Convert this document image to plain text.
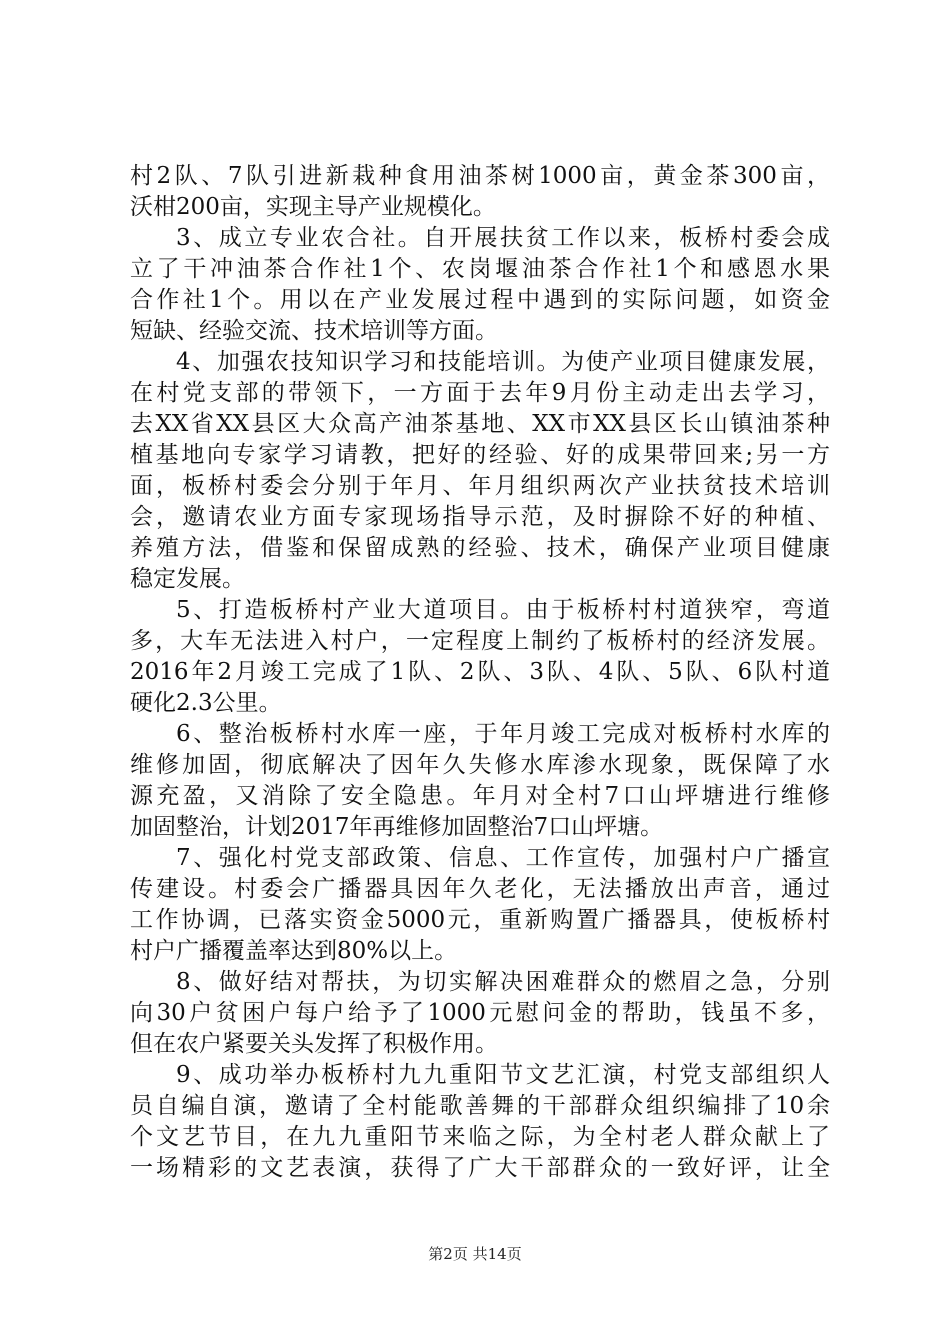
村2队、7队引进新栽种食用油茶树1000亩，黄金茶300亩，
沃柑200亩，实现主导产业规模化。
3、成立专业农合社。自开展扶贫工作以来，板桥村委会成
立了干冲油茶合作社1个、农岗堰油茶合作社1个和感恩水果
合作社1个。用以在产业发展过程中遇到的实际问题，如资金
短缺、经验交流、技术培训等方面。
4、加强农技知识学习和技能培训。为使产业项目健康发展，
在村党支部的带领下，一方面于去年9月份主动走出去学习，
去XX省XX县区大众高产油茶基地、XX市XX县区长山镇油茶种
植基地向专家学习请教，把好的经验、好的成果带回来;另一方
面，板桥村委会分别于年月、年月组织两次产业扶贫技术培训
会，邀请农业方面专家现场指导示范，及时摒除不好的种植、
养殖方法，借鉴和保留成熟的经验、技术，确保产业项目健康
稳定发展。
5、打造板桥村产业大道项目。由于板桥村村道狭窄，弯道
多，大车无法进入村户，一定程度上制约了板桥村的经济发展。
2016年2月竣工完成了1队、2队、3队、4队、5队、6队村道
硬化2.3公里。
6、整治板桥村水库一座，于年月竣工完成对板桥村水库的
维修加固，彻底解决了因年久失修水库渗水现象，既保障了水
源充盈，又消除了安全隐患。年月对全村7口山坪塘进行维修
加固整治，计划2017年再维修加固整治7口山坪塘。
7、强化村党支部政策、信息、工作宣传，加强村户广播宣
传建设。村委会广播器具因年久老化，无法播放出声音，通过
工作协调，已落实资金5000元，重新购置广播器具，使板桥村
村户广播覆盖率达到80%以上。
8、做好结对帮扶，为切实解决困难群众的燃眉之急，分别
向30户贫困户每户给予了1000元慰问金的帮助，钱虽不多，
但在农户紧要关头发挥了积极作用。
9、成功举办板桥村九九重阳节文艺汇演，村党支部组织人
员自编自演，邀请了全村能歌善舞的干部群众组织编排了10余
个文艺节目，在九九重阳节来临之际，为全村老人群众献上了
一场精彩的文艺表演，获得了广大干部群众的一致好评，让全
第2页 共14页
